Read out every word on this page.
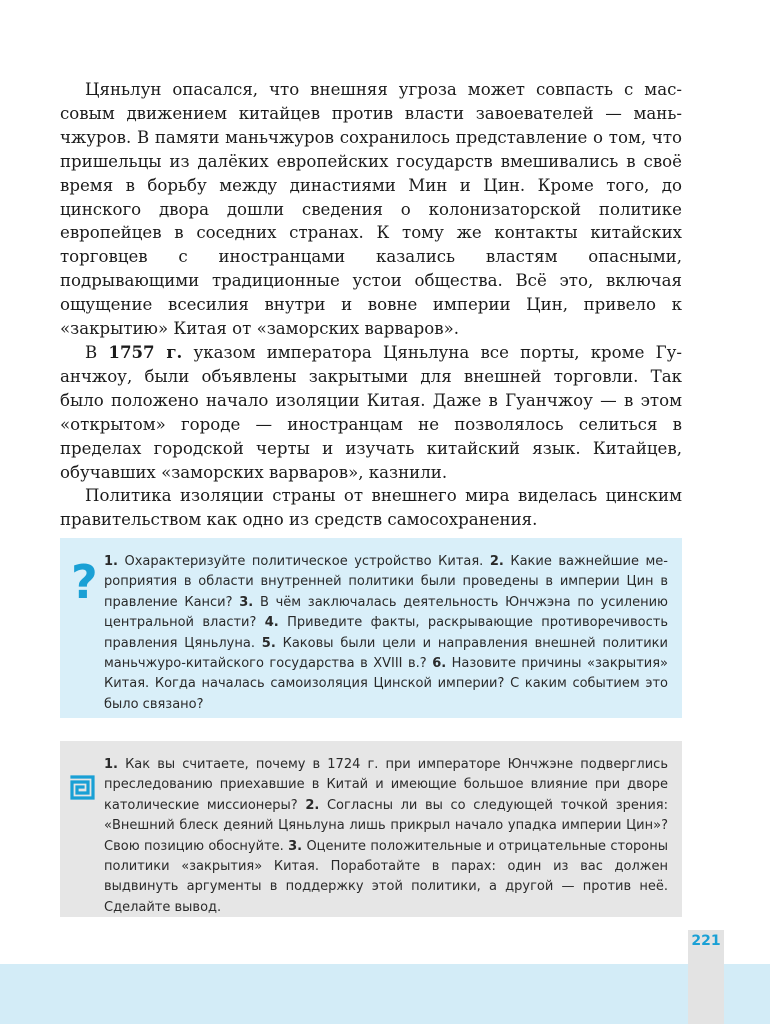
Цяньлун опасался, что внешняя угроза может совпасть с массовым движением китайцев против власти завоевателей — маньчжуров. В памяти маньчжуров сохранилось представление о том, что пришельцы из далёких европейских государств вмешивались в своё время в борьбу между династиями Мин и Цин. Кроме того, до цинского двора дошли сведения о колонизаторской политике европейцев в соседних странах. К тому же контакты китайских торговцев с иностранцами казались властям опасными, подрывающими традиционные устои общества. Всё это, включая ощущение всесилия внутри и вовне империи Цин, привело к «закрытию» Китая от «заморских варваров».

В 1757 г. указом императора Цяньлуна все порты, кроме Гуанчжоу, были объявлены закрытыми для внешней торговли. Так было положено начало изоляции Китая. Даже в Гуанчжоу — в этом «открытом» городе — иностранцам не позволялось селиться в пределах городской черты и изучать китайский язык. Китайцев, обучавших «заморских варваров», казнили.

Политика изоляции страны от внешнего мира виделась цинским правительством как одно из средств самосохранения.

? 1. Охарактеризуйте политическое устройство Китая. 2. Какие важнейшие мероприятия в области внутренней политики были проведены в империи Цин в правление Канси? 3. В чём заключалась деятельность Юнчжэна по усилению центральной власти? 4. Приведите факты, раскрывающие противоречивость правления Цяньлуна. 5. Каковы были цели и направления внешней политики маньчжуро-китайского государства в XVIII в.? 6. Назовите причины «закрытия» Китая. Когда началась самоизоляция Цинской империи? С каким событием это было связано?
1. Как вы считаете, почему в 1724 г. при императоре Юнчжэне подверглись преследованию приехавшие в Китай и имеющие большое влияние при дворе католические миссионеры? 2. Согласны ли вы со следующей точкой зрения: «Внешний блеск деяний Цяньлуна лишь прикрыл начало упадка империи Цин»? Свою позицию обоснуйте. 3. Оцените положительные и отрицательные стороны политики «закрытия» Китая. Поработайте в парах: один из вас должен выдвинуть аргументы в поддержку этой политики, а другой — против неё. Сделайте вывод.
221
